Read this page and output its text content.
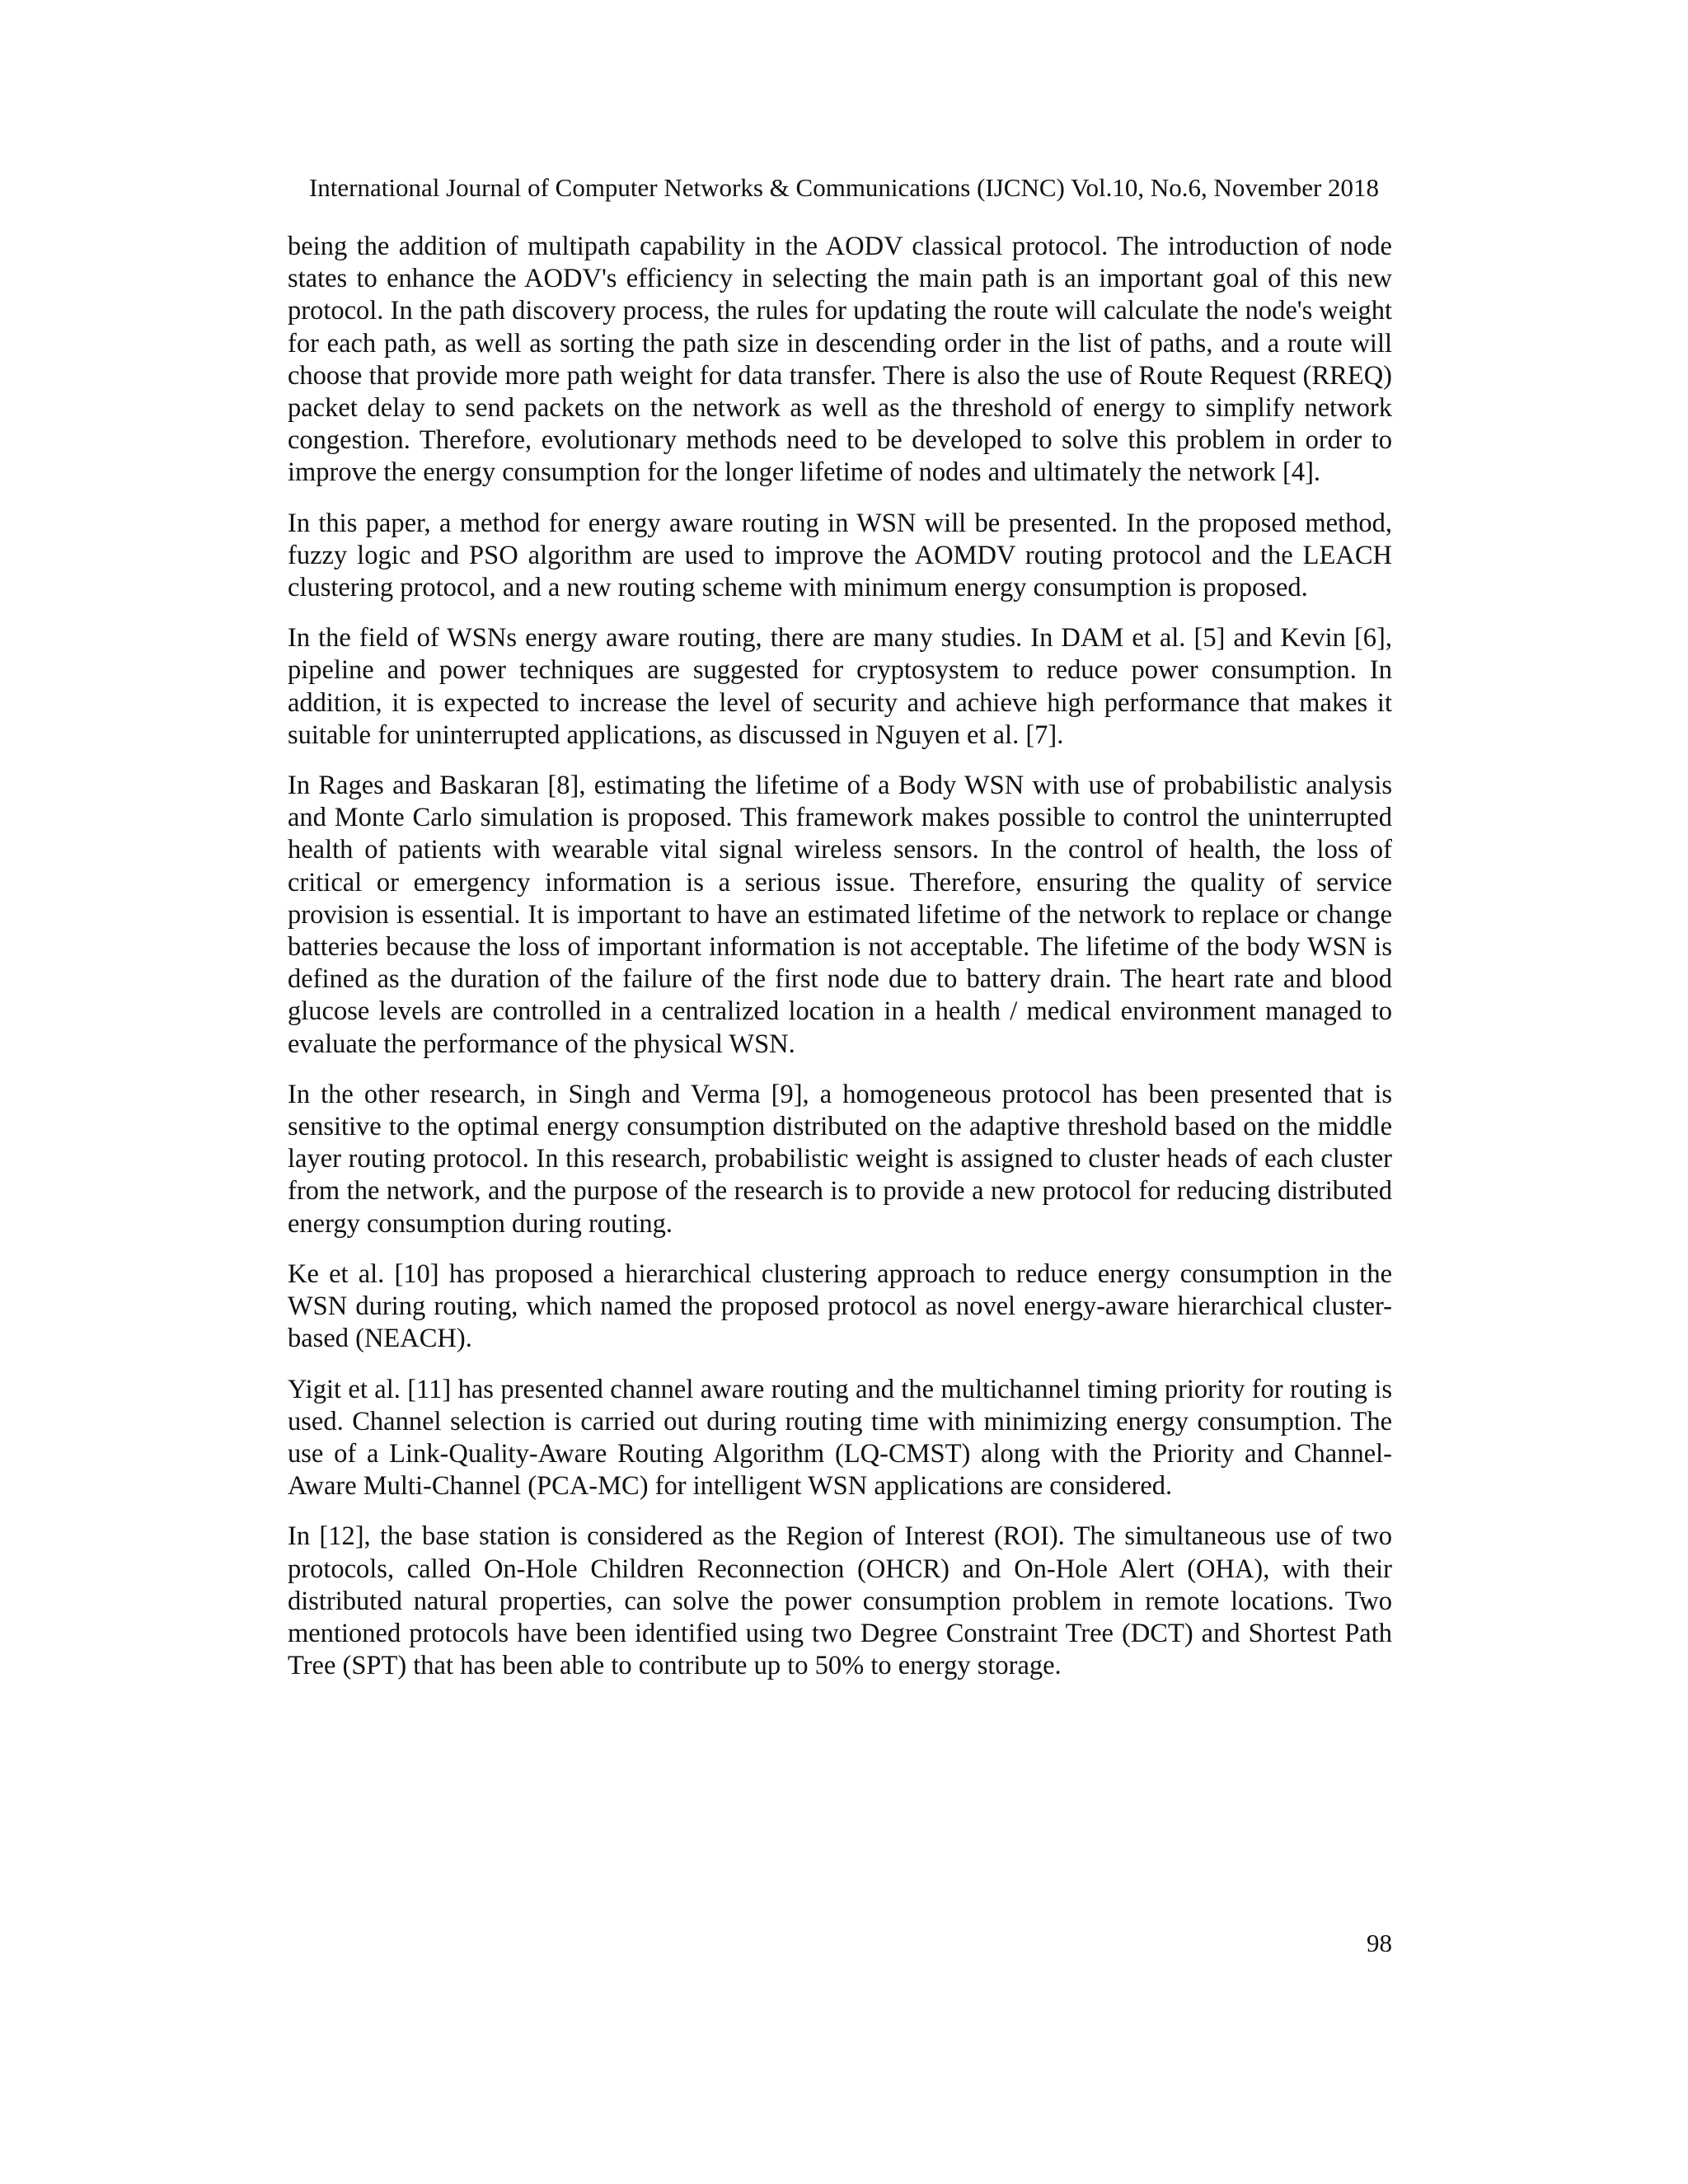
International Journal of Computer Networks & Communications (IJCNC) Vol.10, No.6, November 2018

being the addition of multipath capability in the AODV classical protocol. The introduction of node states to enhance the AODV's efficiency in selecting the main path is an important goal of this new protocol. In the path discovery process, the rules for updating the route will calculate the node's weight for each path, as well as sorting the path size in descending order in the list of paths, and a route will choose that provide more path weight for data transfer. There is also the use of Route Request (RREQ) packet delay to send packets on the network as well as the threshold of energy to simplify network congestion. Therefore, evolutionary methods need to be developed to solve this problem in order to improve the energy consumption for the longer lifetime of nodes and ultimately the network [4].

In this paper, a method for energy aware routing in WSN will be presented. In the proposed method, fuzzy logic and PSO algorithm are used to improve the AOMDV routing protocol and the LEACH clustering protocol, and a new routing scheme with minimum energy consumption is proposed.

In the field of WSNs energy aware routing, there are many studies. In DAM et al. [5] and Kevin [6], pipeline and power techniques are suggested for cryptosystem to reduce power consumption. In addition, it is expected to increase the level of security and achieve high performance that makes it suitable for uninterrupted applications, as discussed in Nguyen et al. [7].

In Rages and Baskaran [8], estimating the lifetime of a Body WSN with use of probabilistic analysis and Monte Carlo simulation is proposed. This framework makes possible to control the uninterrupted health of patients with wearable vital signal wireless sensors. In the control of health, the loss of critical or emergency information is a serious issue. Therefore, ensuring the quality of service provision is essential. It is important to have an estimated lifetime of the network to replace or change batteries because the loss of important information is not acceptable. The lifetime of the body WSN is defined as the duration of the failure of the first node due to battery drain. The heart rate and blood glucose levels are controlled in a centralized location in a health / medical environment managed to evaluate the performance of the physical WSN.

In the other research, in Singh and Verma [9], a homogeneous protocol has been presented that is sensitive to the optimal energy consumption distributed on the adaptive threshold based on the middle layer routing protocol. In this research, probabilistic weight is assigned to cluster heads of each cluster from the network, and the purpose of the research is to provide a new protocol for reducing distributed energy consumption during routing.

Ke et al. [10] has proposed a hierarchical clustering approach to reduce energy consumption in the WSN during routing, which named the proposed protocol as novel energy-aware hierarchical cluster-based (NEACH).

Yigit et al. [11] has presented channel aware routing and the multichannel timing priority for routing is used. Channel selection is carried out during routing time with minimizing energy consumption. The use of a Link-Quality-Aware Routing Algorithm (LQ-CMST) along with the Priority and Channel-Aware Multi-Channel (PCA-MC) for intelligent WSN applications are considered.

In [12], the base station is considered as the Region of Interest (ROI). The simultaneous use of two protocols, called On-Hole Children Reconnection (OHCR) and On-Hole Alert (OHA), with their distributed natural properties, can solve the power consumption problem in remote locations. Two mentioned protocols have been identified using two Degree Constraint Tree (DCT) and Shortest Path Tree (SPT) that has been able to contribute up to 50% to energy storage.

98
